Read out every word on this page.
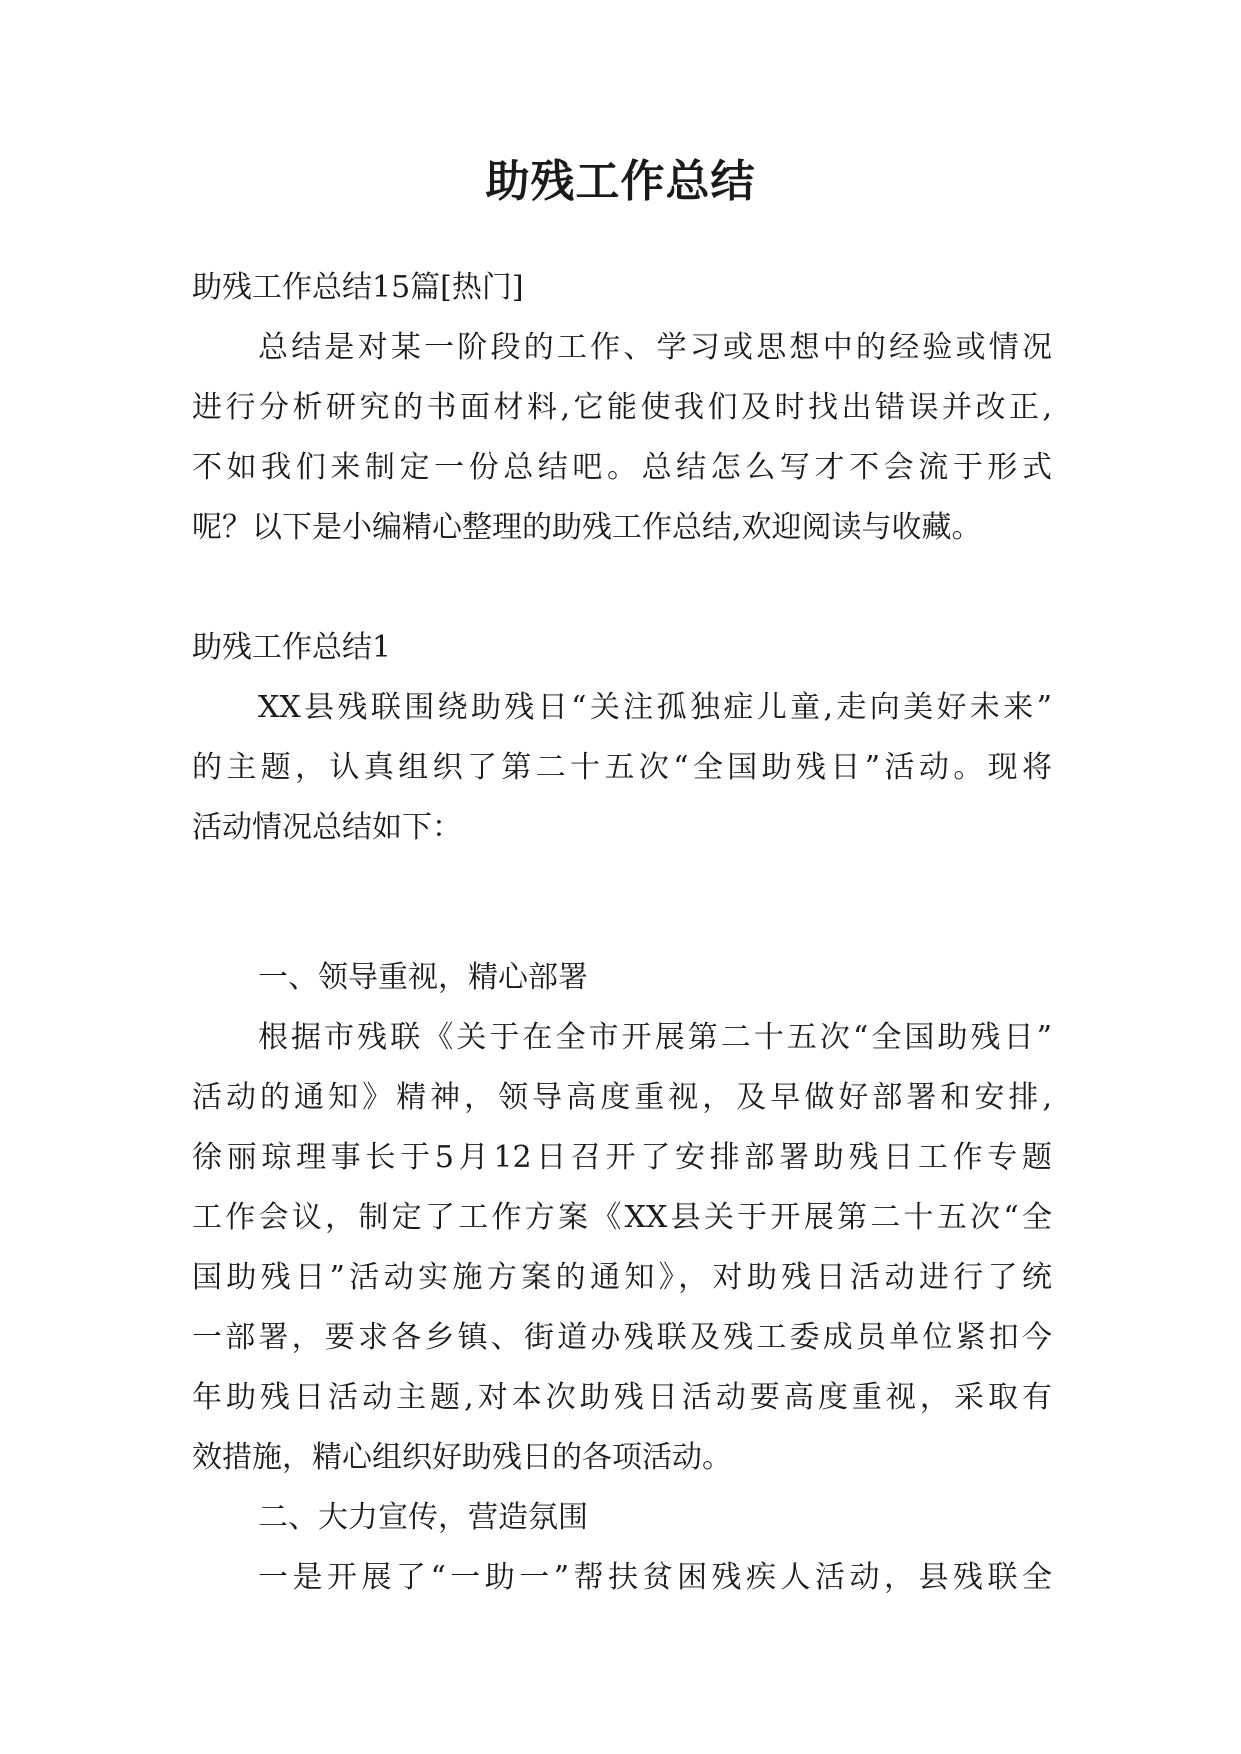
助残工作总结
助残工作总结15篇[热门]
总结是对某一阶段的工作、学习或思想中的经验或情况
进行分析研究的书面材料,它能使我们及时找出错误并改正,
不如我们来制定一份总结吧。总结怎么写才不会流于形式
呢？以下是小编精心整理的助残工作总结,欢迎阅读与收藏。
助残工作总结1
XX县残联围绕助残日“关注孤独症儿童,走向美好未来”
的主题，认真组织了第二十五次“全国助残日”活动。现将
活动情况总结如下：
一、领导重视，精心部署
根据市残联《关于在全市开展第二十五次“全国助残日”
活动的通知》精神，领导高度重视，及早做好部署和安排,
徐丽琼理事长于5月12日召开了安排部署助残日工作专题
工作会议，制定了工作方案《XX县关于开展第二十五次“全
国助残日”活动实施方案的通知》，对助残日活动进行了统
一部署，要求各乡镇、街道办残联及残工委成员单位紧扣今
年助残日活动主题,对本次助残日活动要高度重视，采取有
效措施，精心组织好助残日的各项活动。
二、大力宣传，营造氛围
一是开展了“一助一”帮扶贫困残疾人活动，县残联全
